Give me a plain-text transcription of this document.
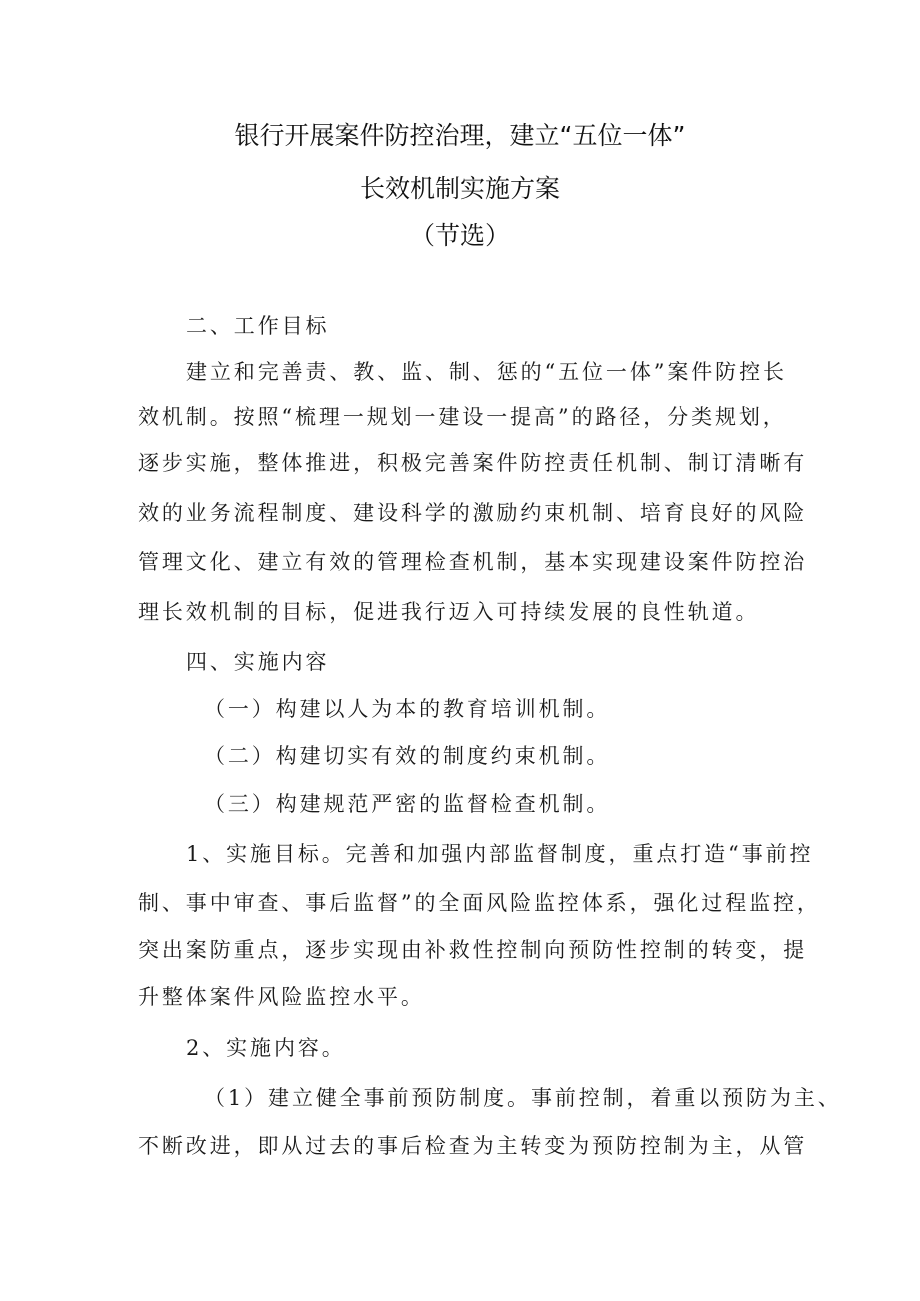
银行开展案件防控治理，建立“五位一体”
长效机制实施方案
（节选）
二、工作目标
建立和完善责、教、监、制、惩的“五位一体”案件防控长
效机制。按照“梳理一规划一建设一提高”的路径，分类规划，
逐步实施，整体推进，积极完善案件防控责任机制、制订清晰有
效的业务流程制度、建设科学的激励约束机制、培育良好的风险
管理文化、建立有效的管理检查机制，基本实现建设案件防控治
理长效机制的目标，促进我行迈入可持续发展的良性轨道。
四、实施内容
（一）构建以人为本的教育培训机制。
（二）构建切实有效的制度约束机制。
（三）构建规范严密的监督检查机制。
1、实施目标。完善和加强内部监督制度，重点打造“事前控
制、事中审查、事后监督”的全面风险监控体系，强化过程监控，
突出案防重点，逐步实现由补救性控制向预防性控制的转变，提
升整体案件风险监控水平。
2、实施内容。
（1）建立健全事前预防制度。事前控制，着重以预防为主、
不断改进，即从过去的事后检查为主转变为预防控制为主，从管
